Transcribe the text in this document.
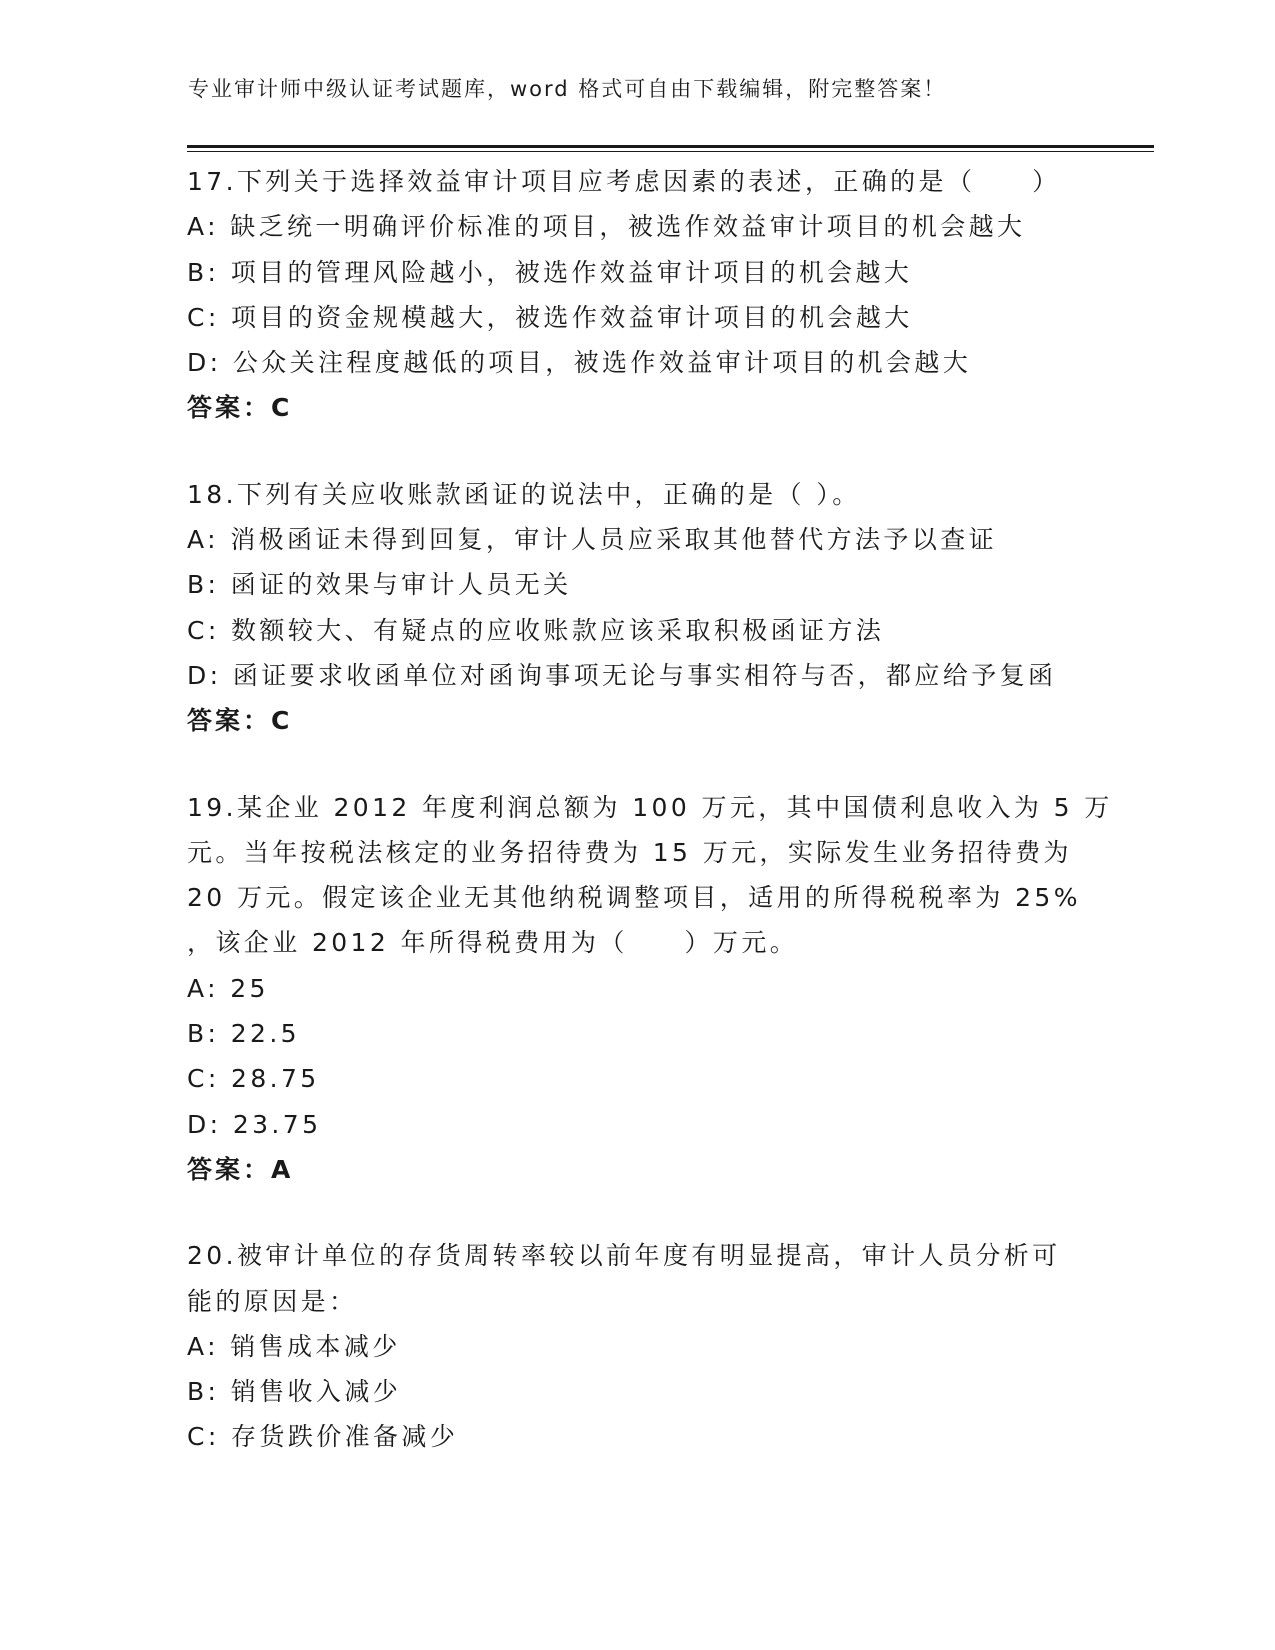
专业审计师中级认证考试题库，word 格式可自由下载编辑，附完整答案！

17.下列关于选择效益审计项目应考虑因素的表述，正确的是（　　）

A: 缺乏统一明确评价标准的项目，被选作效益审计项目的机会越大

B: 项目的管理风险越小，被选作效益审计项目的机会越大

C: 项目的资金规模越大，被选作效益审计项目的机会越大

D: 公众关注程度越低的项目，被选作效益审计项目的机会越大

答案：C

18.下列有关应收账款函证的说法中，正确的是（ ）。

A: 消极函证未得到回复，审计人员应采取其他替代方法予以查证

B: 函证的效果与审计人员无关

C: 数额较大、有疑点的应收账款应该采取积极函证方法

D: 函证要求收函单位对函询事项无论与事实相符与否，都应给予复函

答案：C

19.某企业 2012 年度利润总额为 100 万元，其中国债利息收入为 5 万

元。当年按税法核定的业务招待费为 15 万元，实际发生业务招待费为

20 万元。假定该企业无其他纳税调整项目，适用的所得税税率为 25%

，该企业 2012 年所得税费用为（　　）万元。

A: 25

B: 22.5

C: 28.75

D: 23.75

答案：A

20.被审计单位的存货周转率较以前年度有明显提高，审计人员分析可

能的原因是：

A: 销售成本减少

B: 销售收入减少

C: 存货跌价准备减少
